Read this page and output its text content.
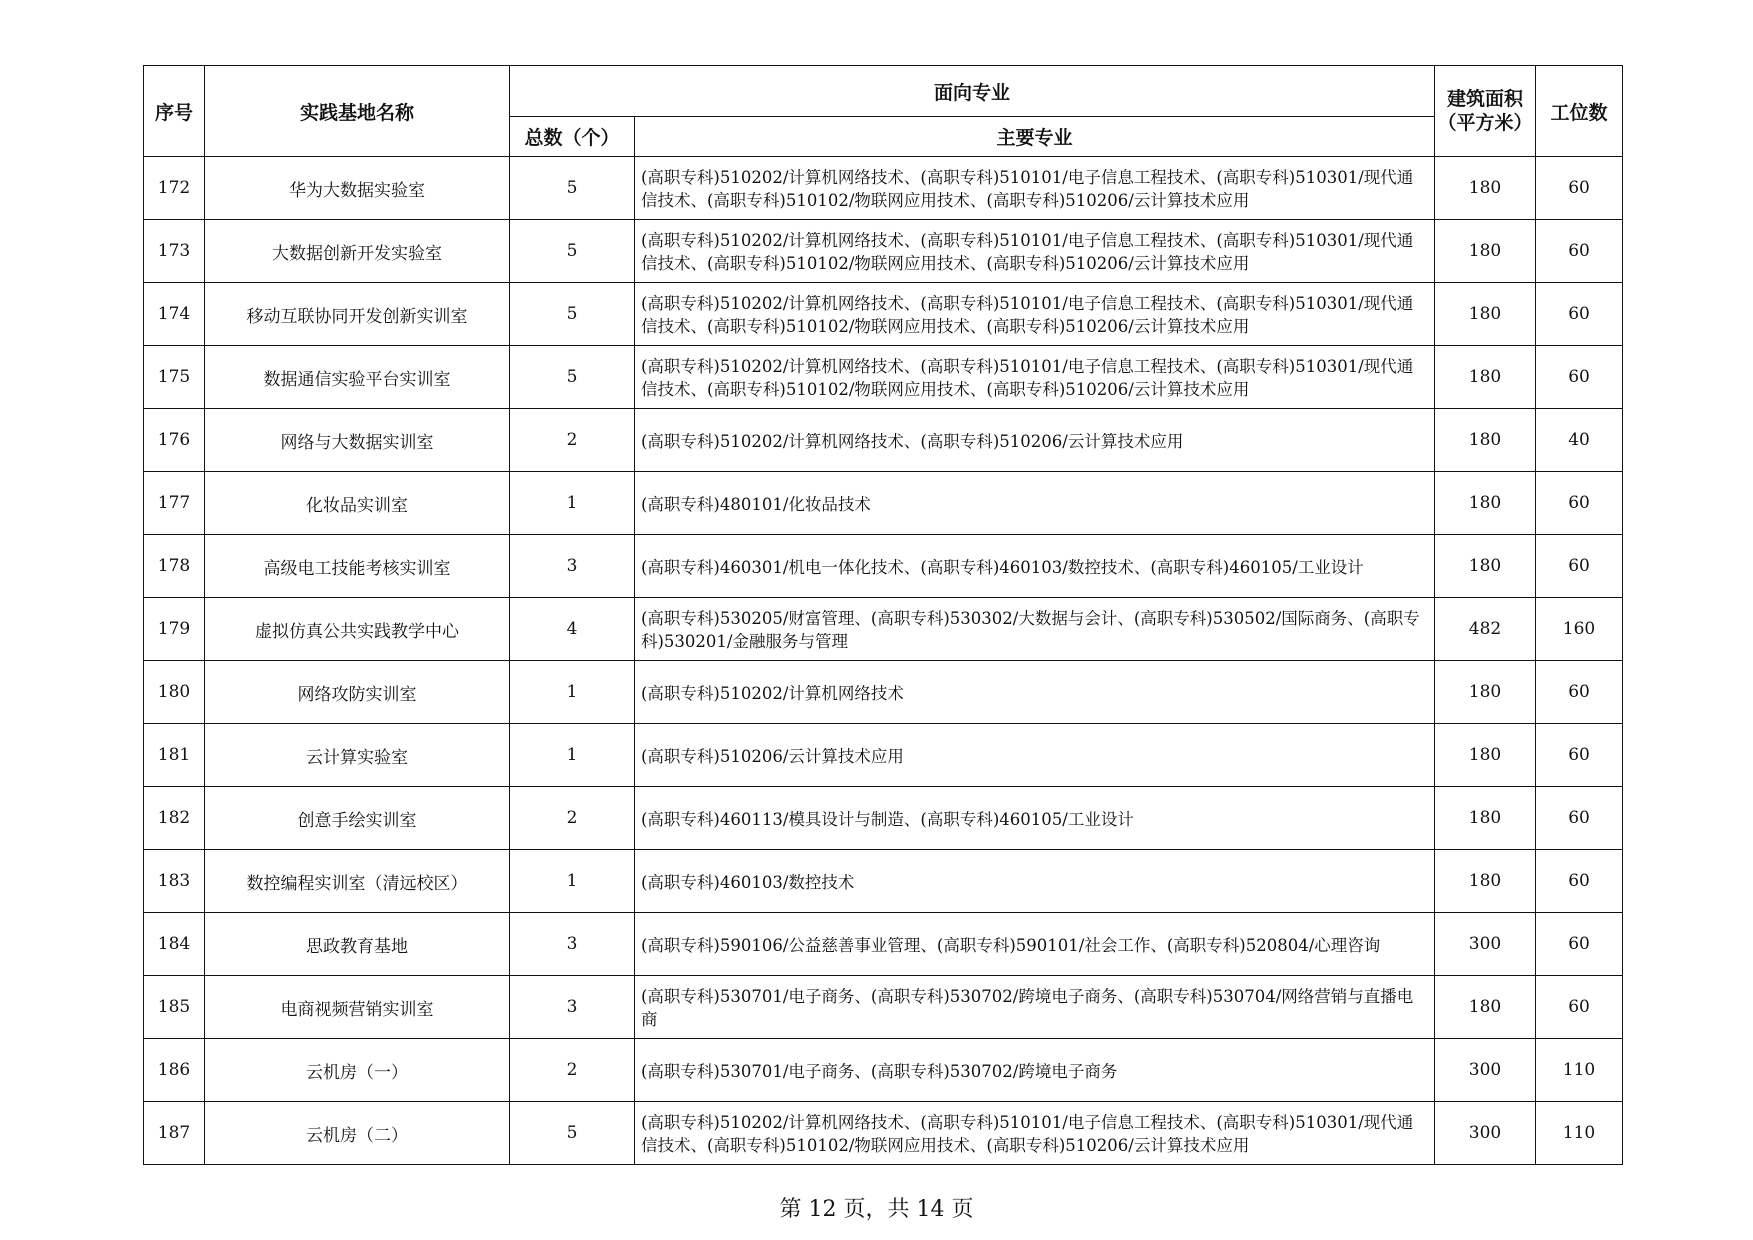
序号	实践基地名称	面向专业		建筑面积（平方米）	工位数
		总数（个）	主要专业		
172	华为大数据实验室	5	(高职专科)510202/计算机网络技术、(高职专科)510101/电子信息工程技术、(高职专科)510301/现代通信技术、(高职专科)510102/物联网应用技术、(高职专科)510206/云计算技术应用	180	60
173	大数据创新开发实验室	5	(高职专科)510202/计算机网络技术、(高职专科)510101/电子信息工程技术、(高职专科)510301/现代通信技术、(高职专科)510102/物联网应用技术、(高职专科)510206/云计算技术应用	180	60
174	移动互联协同开发创新实训室	5	(高职专科)510202/计算机网络技术、(高职专科)510101/电子信息工程技术、(高职专科)510301/现代通信技术、(高职专科)510102/物联网应用技术、(高职专科)510206/云计算技术应用	180	60
175	数据通信实验平台实训室	5	(高职专科)510202/计算机网络技术、(高职专科)510101/电子信息工程技术、(高职专科)510301/现代通信技术、(高职专科)510102/物联网应用技术、(高职专科)510206/云计算技术应用	180	60
176	网络与大数据实训室	2	(高职专科)510202/计算机网络技术、(高职专科)510206/云计算技术应用	180	40
177	化妆品实训室	1	(高职专科)480101/化妆品技术	180	60
178	高级电工技能考核实训室	3	(高职专科)460301/机电一体化技术、(高职专科)460103/数控技术、(高职专科)460105/工业设计	180	60
179	虚拟仿真公共实践教学中心	4	(高职专科)530205/财富管理、(高职专科)530302/大数据与会计、(高职专科)530502/国际商务、(高职专科)530201/金融服务与管理	482	160
180	网络攻防实训室	1	(高职专科)510202/计算机网络技术	180	60
181	云计算实验室	1	(高职专科)510206/云计算技术应用	180	60
182	创意手绘实训室	2	(高职专科)460113/模具设计与制造、(高职专科)460105/工业设计	180	60
183	数控编程实训室（清远校区）	1	(高职专科)460103/数控技术	180	60
184	思政教育基地	3	(高职专科)590106/公益慈善事业管理、(高职专科)590101/社会工作、(高职专科)520804/心理咨询	300	60
185	电商视频营销实训室	3	(高职专科)530701/电子商务、(高职专科)530702/跨境电子商务、(高职专科)530704/网络营销与直播电商	180	60
186	云机房（一）	2	(高职专科)530701/电子商务、(高职专科)530702/跨境电子商务	300	110
187	云机房（二）	5	(高职专科)510202/计算机网络技术、(高职专科)510101/电子信息工程技术、(高职专科)510301/现代通信技术、(高职专科)510102/物联网应用技术、(高职专科)510206/云计算技术应用	300	110
第 12 页，共 14 页
